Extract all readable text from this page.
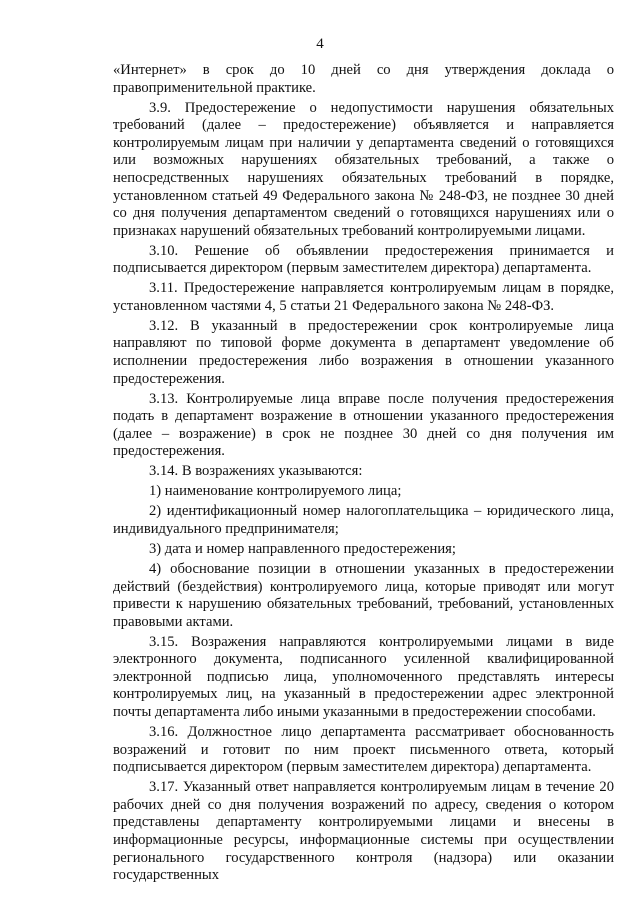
4

«Интернет» в срок до 10 дней со дня утверждения доклада о правоприменительной практике.

3.9. Предостережение о недопустимости нарушения обязательных требований (далее – предостережение) объявляется и направляется контролируемым лицам при наличии у департамента сведений о готовящихся или возможных нарушениях обязательных требований, а также о непосредственных нарушениях обязательных требований в порядке, установленном статьей 49 Федерального закона № 248-ФЗ, не позднее 30 дней со дня получения департаментом сведений о готовящихся нарушениях или о признаках нарушений обязательных требований контролируемыми лицами.

3.10. Решение об объявлении предостережения принимается и подписывается директором (первым заместителем директора) департамента.

3.11. Предостережение направляется контролируемым лицам в порядке, установленном частями 4, 5 статьи 21 Федерального закона № 248-ФЗ.

3.12. В указанный в предостережении срок контролируемые лица направляют по типовой форме документа в департамент уведомление об исполнении предостережения либо возражения в отношении указанного предостережения.

3.13. Контролируемые лица вправе после получения предостережения подать в департамент возражение в отношении указанного предостережения (далее – возражение) в срок не позднее 30 дней со дня получения им предостережения.

3.14. В возражениях указываются:

1) наименование контролируемого лица;

2) идентификационный номер налогоплательщика – юридического лица, индивидуального предпринимателя;

3) дата и номер направленного предостережения;

4) обоснование позиции в отношении указанных в предостережении действий (бездействия) контролируемого лица, которые приводят или могут привести к нарушению обязательных требований, требований, установленных правовыми актами.

3.15. Возражения направляются контролируемыми лицами в виде электронного документа, подписанного усиленной квалифицированной электронной подписью лица, уполномоченного представлять интересы контролируемых лиц, на указанный в предостережении адрес электронной почты департамента либо иными указанными в предостережении способами.

3.16. Должностное лицо департамента рассматривает обоснованность возражений и готовит по ним проект письменного ответа, который подписывается директором (первым заместителем директора) департамента.

3.17. Указанный ответ направляется контролируемым лицам в течение 20 рабочих дней со дня получения возражений по адресу, сведения о котором представлены департаменту контролируемыми лицами и внесены в информационные ресурсы, информационные системы при осуществлении регионального государственного контроля (надзора) или оказании государственных
